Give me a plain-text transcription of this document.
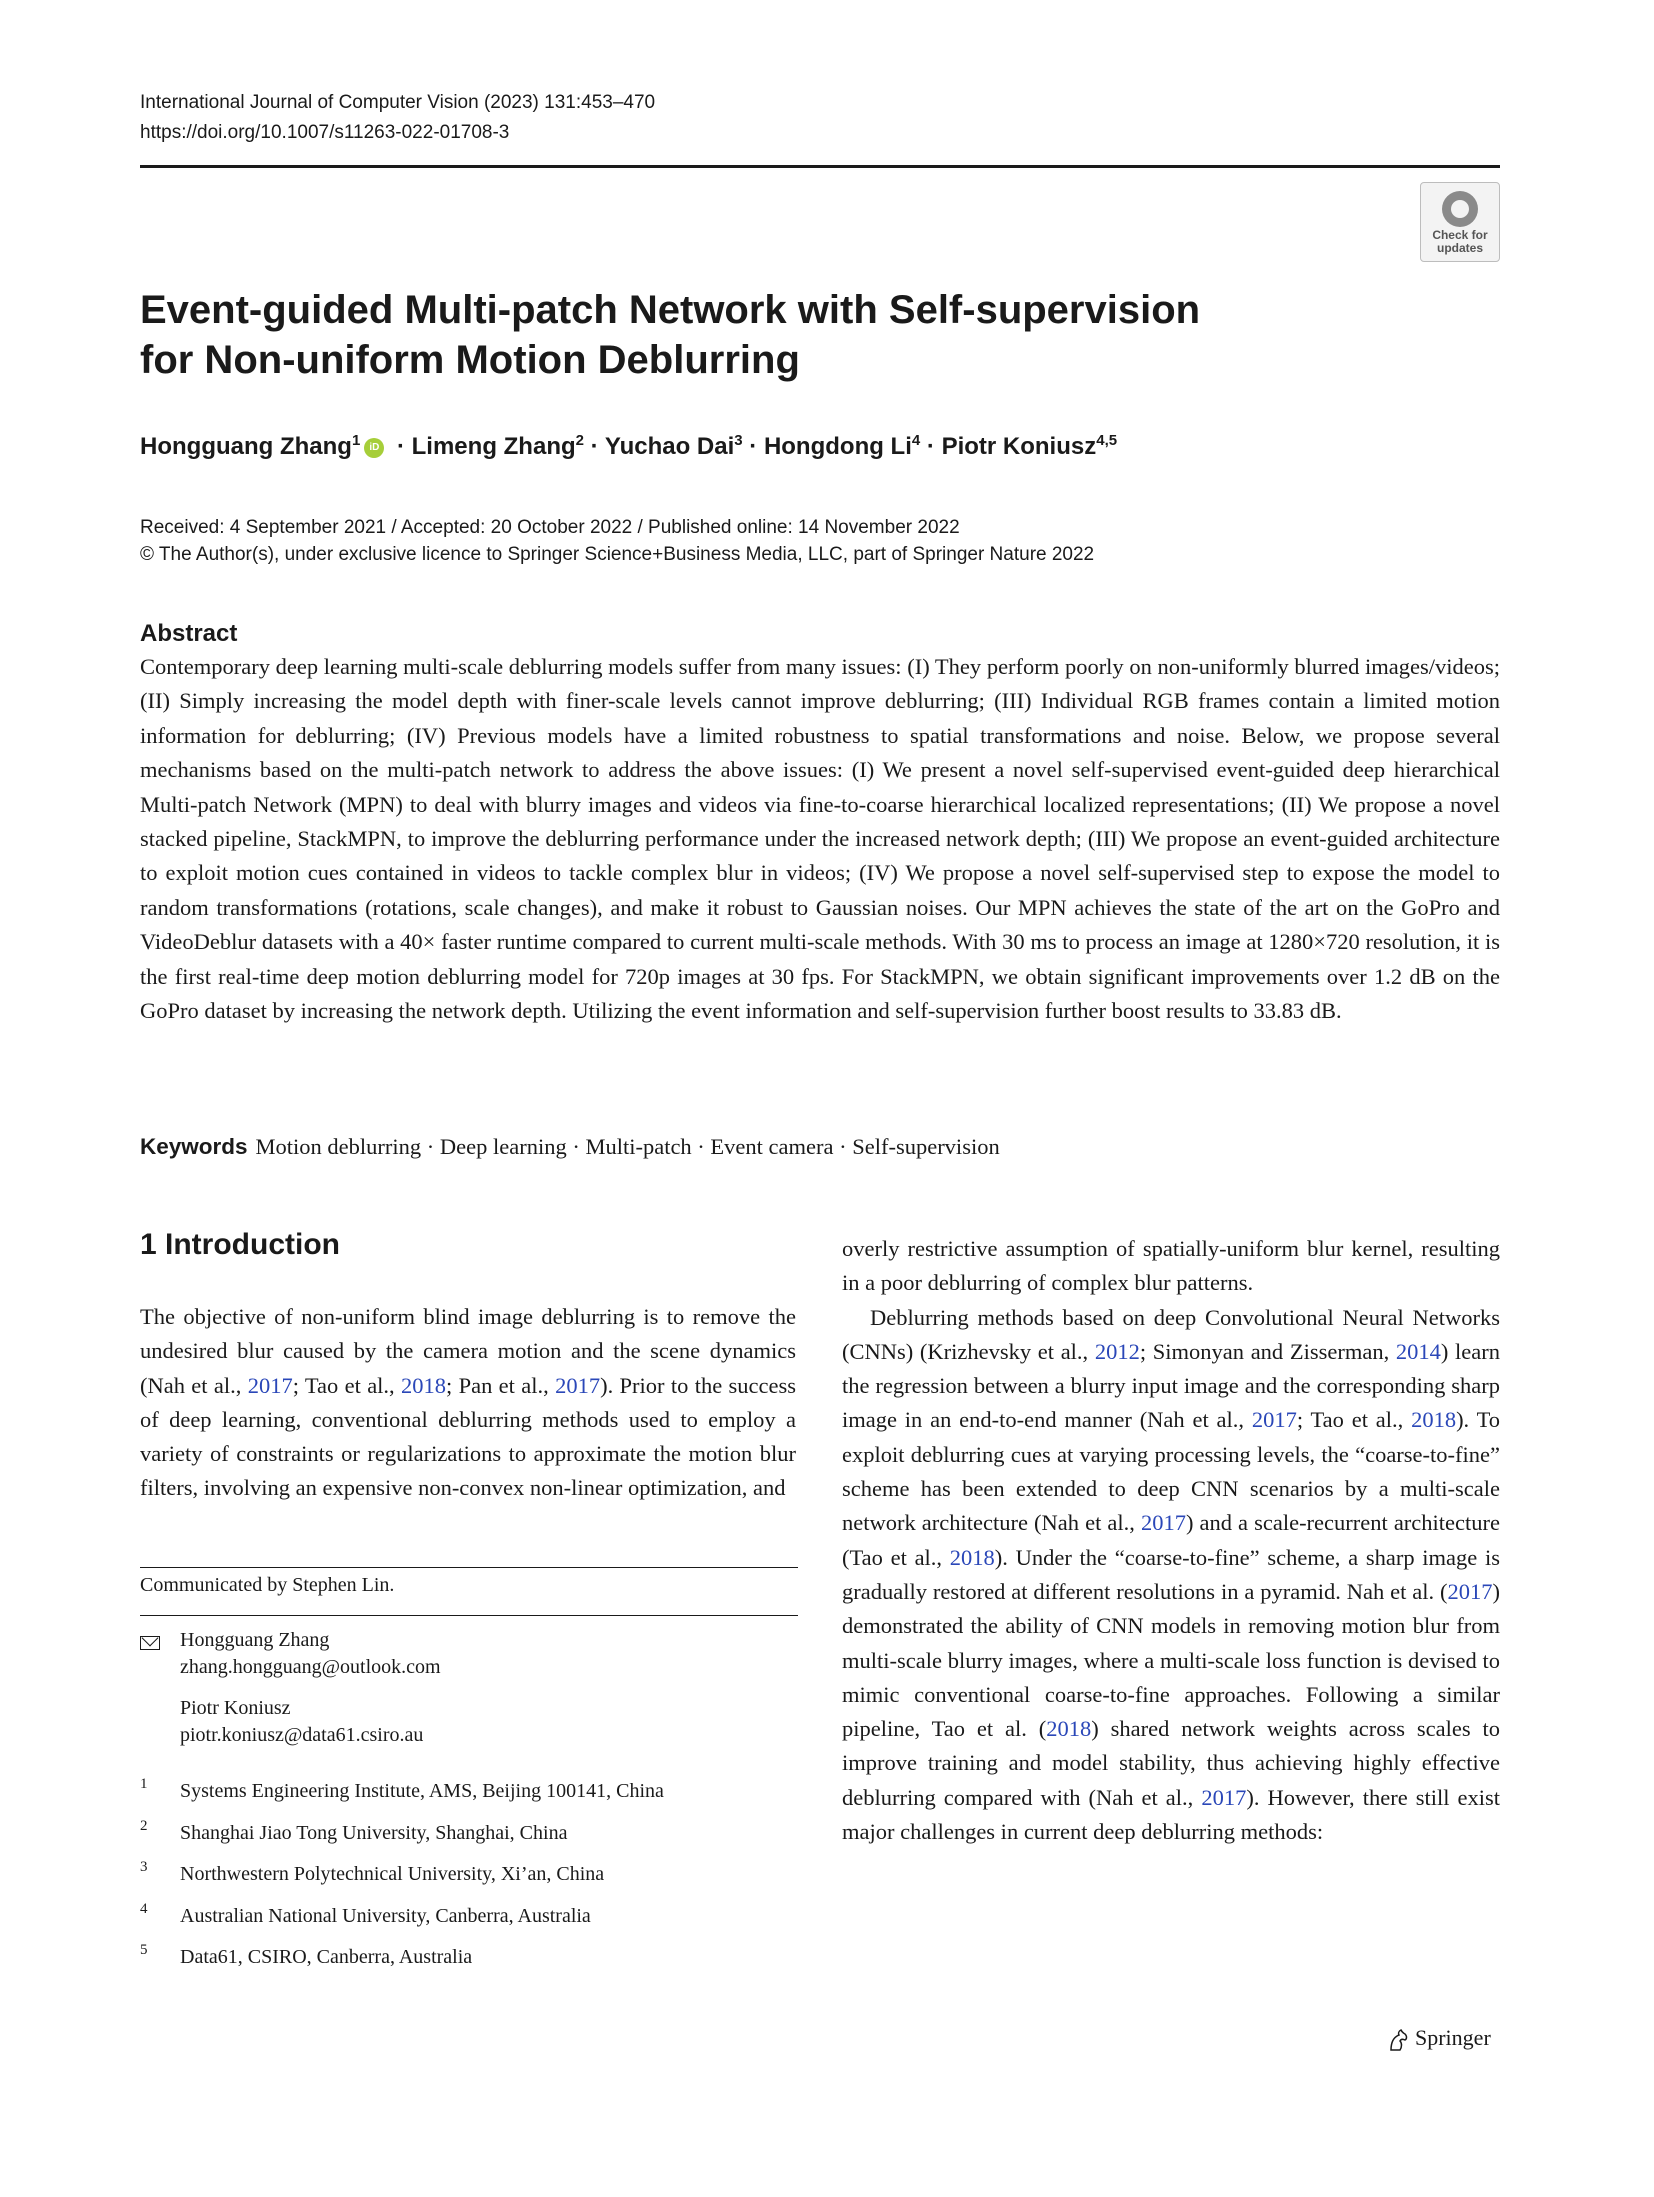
International Journal of Computer Vision (2023) 131:453–470
https://doi.org/10.1007/s11263-022-01708-3
Check for
updates
Event-guided Multi-patch Network with Self-supervision for Non-uniform Motion Deblurring
Hongguang Zhang$^1$ iD · Limeng Zhang$^2$ · Yuchao Dai$^3$ · Hongdong $Li^4$ · Piotr Koniusz$^{4,5}$
Received: 4 September 2021 / Accepted: 20 October 2022 / Published online: 14 November 2022
© The Author(s), under exclusive licence to Springer Science+Business Media, LLC, part of Springer Nature 2022
Abstract

Contemporary deep learning multi-scale deblurring models suffer from many issues: (I) They perform poorly on non-uniformly blurred images/videos; (II) Simply increasing the model depth with finer-scale levels cannot improve deblurring; (III) Individual RGB frames contain a limited motion information for deblurring; (IV) Previous models have a limited robustness to spatial transformations and noise. Below, we propose several mechanisms based on the multi-patch network to address the above issues: (I) We present a novel self-supervised event-guided deep hierarchical Multi-patch Network (MPN) to deal with blurry images and videos via fine-to-coarse hierarchical localized representations; (II) We propose a novel stacked pipeline, StackMPN, to improve the deblurring performance under the increased network depth; (III) We propose an event-guided architecture to exploit motion cues contained in videos to tackle complex blur in videos; (IV) We propose a novel self-supervised step to expose the model to random transformations (rotations, scale changes), and make it robust to Gaussian noises. Our MPN achieves the state of the art on the GoPro and VideoDeblur datasets with a 40× faster runtime compared to current multi-scale methods. With 30 ms to process an image at 1280×720 resolution, it is the first real-time deep motion deblurring model for 720p images at 30 fps. For StackMPN, we obtain significant improvements over 1.2 dB on the GoPro dataset by increasing the network depth. Utilizing the event information and self-supervision further boost results to 33.83 dB.

Keywords Motion deblurring · Deep learning · Multi-patch · Event camera · Self-supervision
1 Introduction

The objective of non-uniform blind image deblurring is to remove the undesired blur caused by the camera motion and the scene dynamics (Nah et al., 2017; Tao et al., 2018; Pan et al., 2017). Prior to the success of deep learning, conventional deblurring methods used to employ a variety of constraints or regularizations to approximate the motion blur filters, involving an expensive non-convex non-linear optimization, and

overly restrictive assumption of spatially-uniform blur kernel, resulting in a poor deblurring of complex blur patterns.

Deblurring methods based on deep Convolutional Neural Networks (CNNs) (Krizhevsky et al., 2012; Simonyan and Zisserman, 2014) learn the regression between a blurry input image and the corresponding sharp image in an end-to-end manner (Nah et al., 2017; Tao et al., 2018). To exploit deblurring cues at varying processing levels, the “coarse-to-fine” scheme has been extended to deep CNN scenarios by a multi-scale network architecture (Nah et al., 2017) and a scale-recurrent architecture (Tao et al., 2018). Under the “coarse-to-fine” scheme, a sharp image is gradually restored at different resolutions in a pyramid. Nah et al. (2017) demonstrated the ability of CNN models in removing motion blur from multi-scale blurry images, where a multi-scale loss function is devised to mimic conventional coarse-to-fine approaches. Following a similar pipeline, Tao et al. (2018) shared network weights across scales to improve training and model stability, thus achieving highly effective deblurring compared with (Nah et al., 2017). However, there still exist major challenges in current deep deblurring methods:

Communicated by Stephen Lin.
Hongguang Zhang
zhang.hongguang@outlook.com
Piotr Koniusz
piotr.koniusz@data61.csiro.au
1 Systems Engineering Institute, AMS, Beijing 100141, China
2 Shanghai Jiao Tong University, Shanghai, China
3 Northwestern Polytechnical University, Xi’an, China
4 Australian National University, Canberra, Australia
5 Data61, CSIRO, Canberra, Australia
Springer
